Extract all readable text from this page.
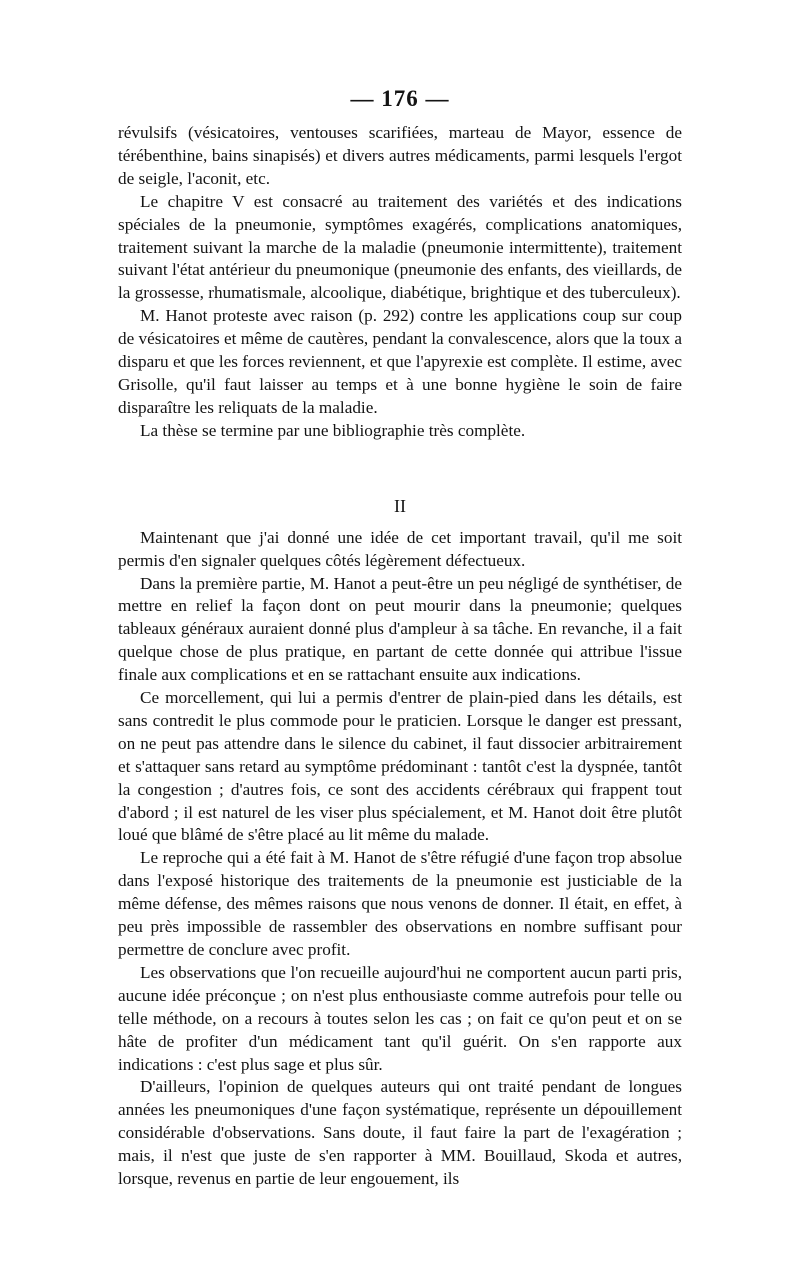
— 176 —

révulsifs (vésicatoires, ventouses scarifiées, marteau de Mayor, essence de térébenthine, bains sinapisés) et divers autres médicaments, parmi lesquels l'ergot de seigle, l'aconit, etc.

Le chapitre V est consacré au traitement des variétés et des indications spéciales de la pneumonie, symptômes exagérés, complications anatomiques, traitement suivant la marche de la maladie (pneumonie intermittente), traitement suivant l'état antérieur du pneumonique (pneumonie des enfants, des vieillards, de la grossesse, rhumatismale, alcoolique, diabétique, brightique et des tuberculeux).

M. Hanot proteste avec raison (p. 292) contre les applications coup sur coup de vésicatoires et même de cautères, pendant la convalescence, alors que la toux a disparu et que les forces reviennent, et que l'apyrexie est complète. Il estime, avec Grisolle, qu'il faut laisser au temps et à une bonne hygiène le soin de faire disparaître les reliquats de la maladie.

La thèse se termine par une bibliographie très complète.

II

Maintenant que j'ai donné une idée de cet important travail, qu'il me soit permis d'en signaler quelques côtés légèrement défectueux.

Dans la première partie, M. Hanot a peut-être un peu négligé de synthétiser, de mettre en relief la façon dont on peut mourir dans la pneumonie; quelques tableaux généraux auraient donné plus d'ampleur à sa tâche. En revanche, il a fait quelque chose de plus pratique, en partant de cette donnée qui attribue l'issue finale aux complications et en se rattachant ensuite aux indications.

Ce morcellement, qui lui a permis d'entrer de plain-pied dans les détails, est sans contredit le plus commode pour le praticien. Lorsque le danger est pressant, on ne peut pas attendre dans le silence du cabinet, il faut dissocier arbitrairement et s'attaquer sans retard au symptôme prédominant : tantôt c'est la dyspnée, tantôt la congestion ; d'autres fois, ce sont des accidents cérébraux qui frappent tout d'abord ; il est naturel de les viser plus spécialement, et M. Hanot doit être plutôt loué que blâmé de s'être placé au lit même du malade.

Le reproche qui a été fait à M. Hanot de s'être réfugié d'une façon trop absolue dans l'exposé historique des traitements de la pneumonie est justiciable de la même défense, des mêmes raisons que nous venons de donner. Il était, en effet, à peu près impossible de rassembler des observations en nombre suffisant pour permettre de conclure avec profit.

Les observations que l'on recueille aujourd'hui ne comportent aucun parti pris, aucune idée préconçue ; on n'est plus enthousiaste comme autrefois pour telle ou telle méthode, on a recours à toutes selon les cas ; on fait ce qu'on peut et on se hâte de profiter d'un médicament tant qu'il guérit. On s'en rapporte aux indications : c'est plus sage et plus sûr.

D'ailleurs, l'opinion de quelques auteurs qui ont traité pendant de longues années les pneumoniques d'une façon systématique, représente un dépouillement considérable d'observations. Sans doute, il faut faire la part de l'exagération ; mais, il n'est que juste de s'en rapporter à MM. Bouillaud, Skoda et autres, lorsque, revenus en partie de leur engouement, ils
